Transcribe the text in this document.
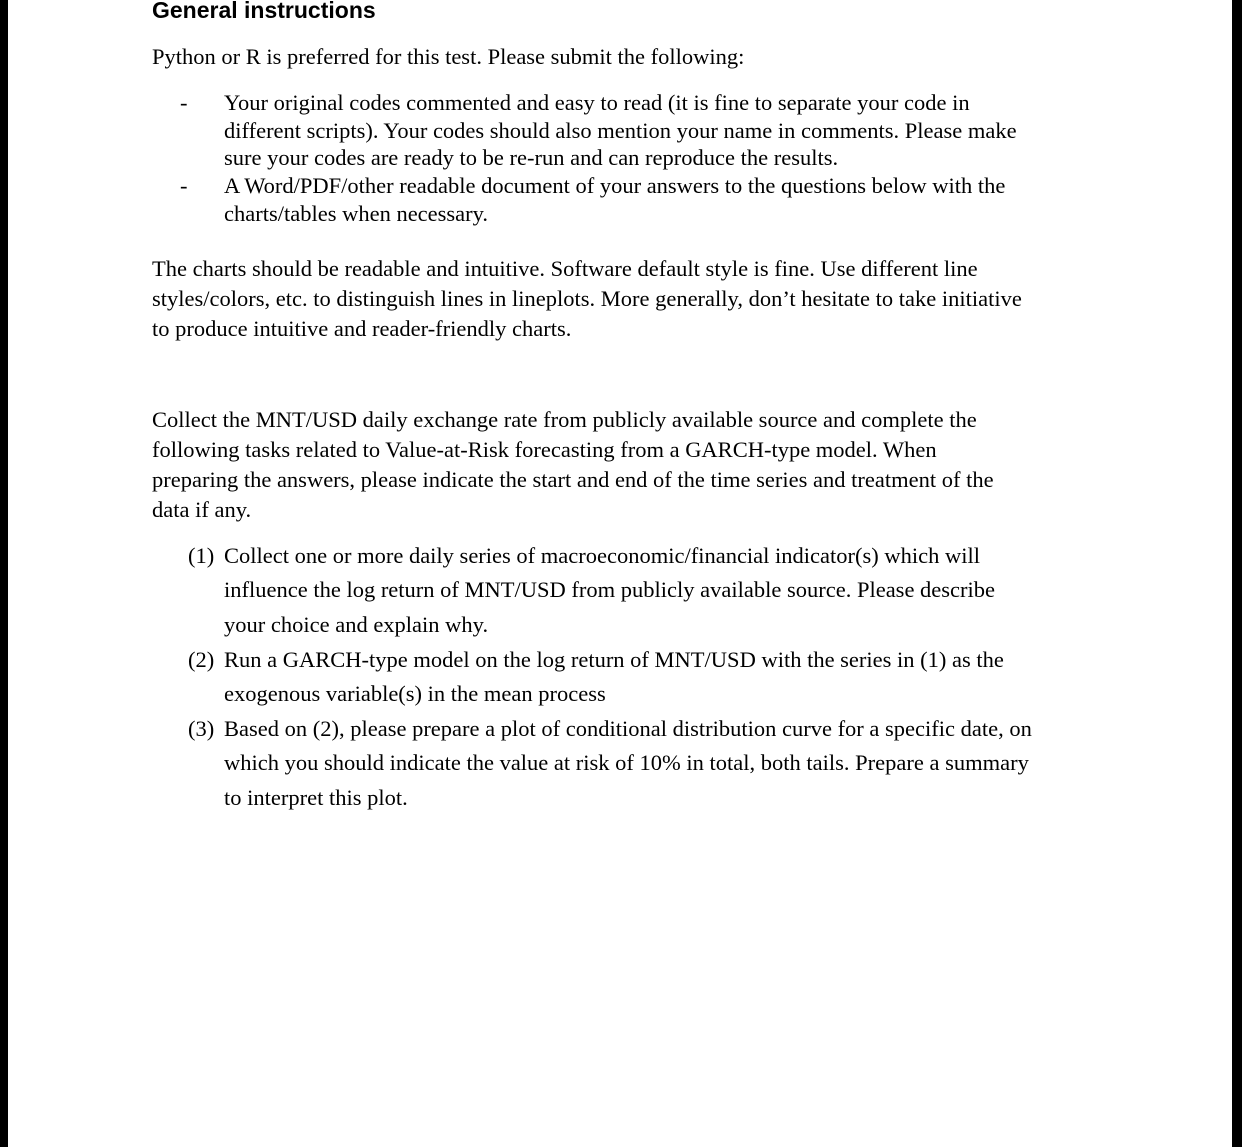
General instructions
Python or R is preferred for this test. Please submit the following:
- Your original codes commented and easy to read (it is fine to separate your code in
different scripts). Your codes should also mention your name in comments. Please make
sure your codes are ready to be re-run and can reproduce the results.
- A Word/PDF/other readable document of your answers to the questions below with the
charts/tables when necessary.
The charts should be readable and intuitive. Software default style is fine. Use different line
styles/colors, etc. to distinguish lines in lineplots. More generally, don’t hesitate to take initiative
to produce intuitive and reader-friendly charts.
Collect the MNT/USD daily exchange rate from publicly available source and complete the
following tasks related to Value-at-Risk forecasting from a GARCH-type model. When
preparing the answers, please indicate the start and end of the time series and treatment of the
data if any.
(1) Collect one or more daily series of macroeconomic/financial indicator(s) which will
influence the log return of MNT/USD from publicly available source. Please describe
your choice and explain why.
(2) Run a GARCH-type model on the log return of MNT/USD with the series in (1) as the
exogenous variable(s) in the mean process
(3) Based on (2), please prepare a plot of conditional distribution curve for a specific date, on
which you should indicate the value at risk of 10% in total, both tails. Prepare a summary
to interpret this plot.
